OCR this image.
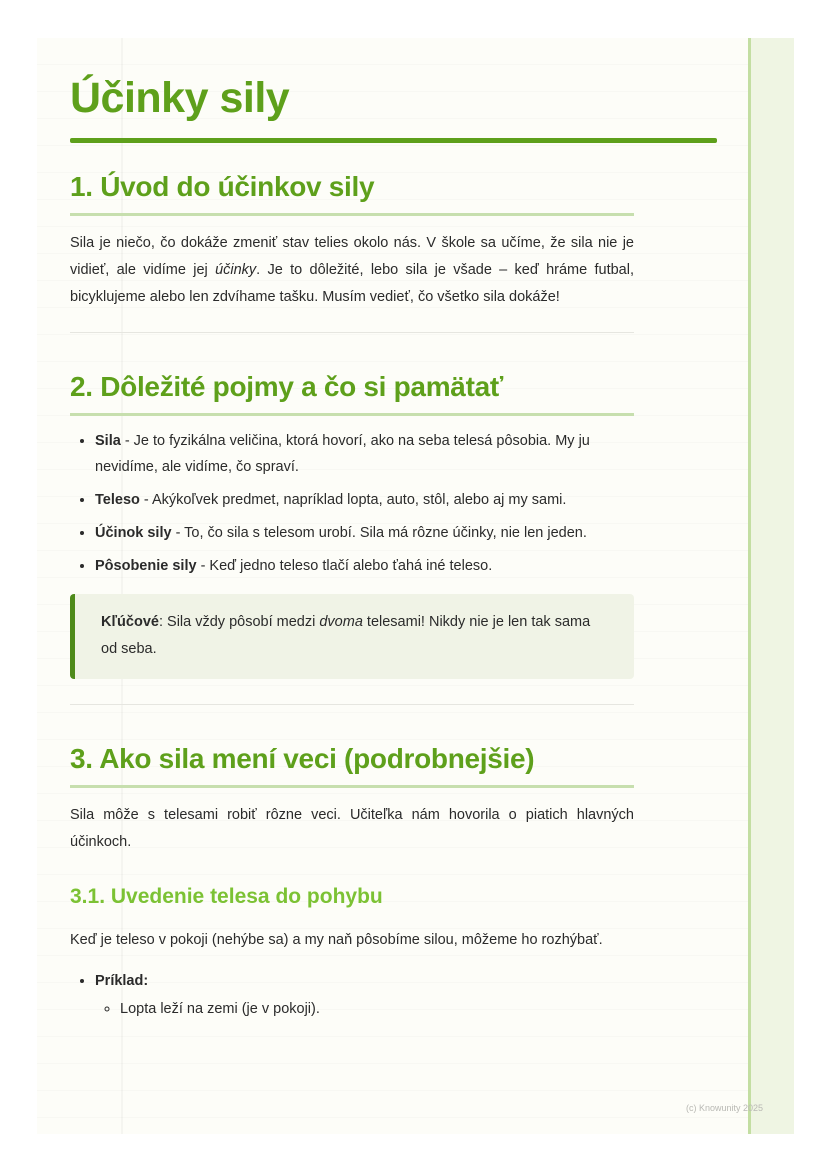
Účinky sily
1. Úvod do účinkov sily

Sila je niečo, čo dokáže zmeniť stav telies okolo nás. V škole sa učíme, že sila nie je vidieť, ale vidíme jej účinky. Je to dôležité, lebo sila je všade – keď hráme futbal, bicyklujeme alebo len zdvíhame tašku. Musím vedieť, čo všetko sila dokáže!

2. Dôležité pojmy a čo si pamätať
• Sila - Je to fyzikálna veličina, ktorá hovorí, ako na seba telesá pôsobia. My ju nevidíme, ale vidíme, čo spraví.
• Teleso - Akýkoľvek predmet, napríklad lopta, auto, stôl, alebo aj my sami.
• Účinok sily - To, čo sila s telesom urobí. Sila má rôzne účinky, nie len jeden.
• Pôsobenie sily - Keď jedno teleso tlačí alebo ťahá iné teleso.
Kľúčové: Sila vždy pôsobí medzi dvoma telesami! Nikdy nie je len tak sama od seba.
3. Ako sila mení veci (podrobnejšie)

Sila môže s telesami robiť rôzne veci. Učiteľka nám hovorila o piatich hlavných účinkoch.

3.1. Uvedenie telesa do pohybu

Keď je teleso v pokoji (nehýbe sa) a my naň pôsobíme silou, môžeme ho rozhýbať.

• Príklad:
◦ Lopta leží na zemi (je v pokoji).
(c) Knowunity 2025
